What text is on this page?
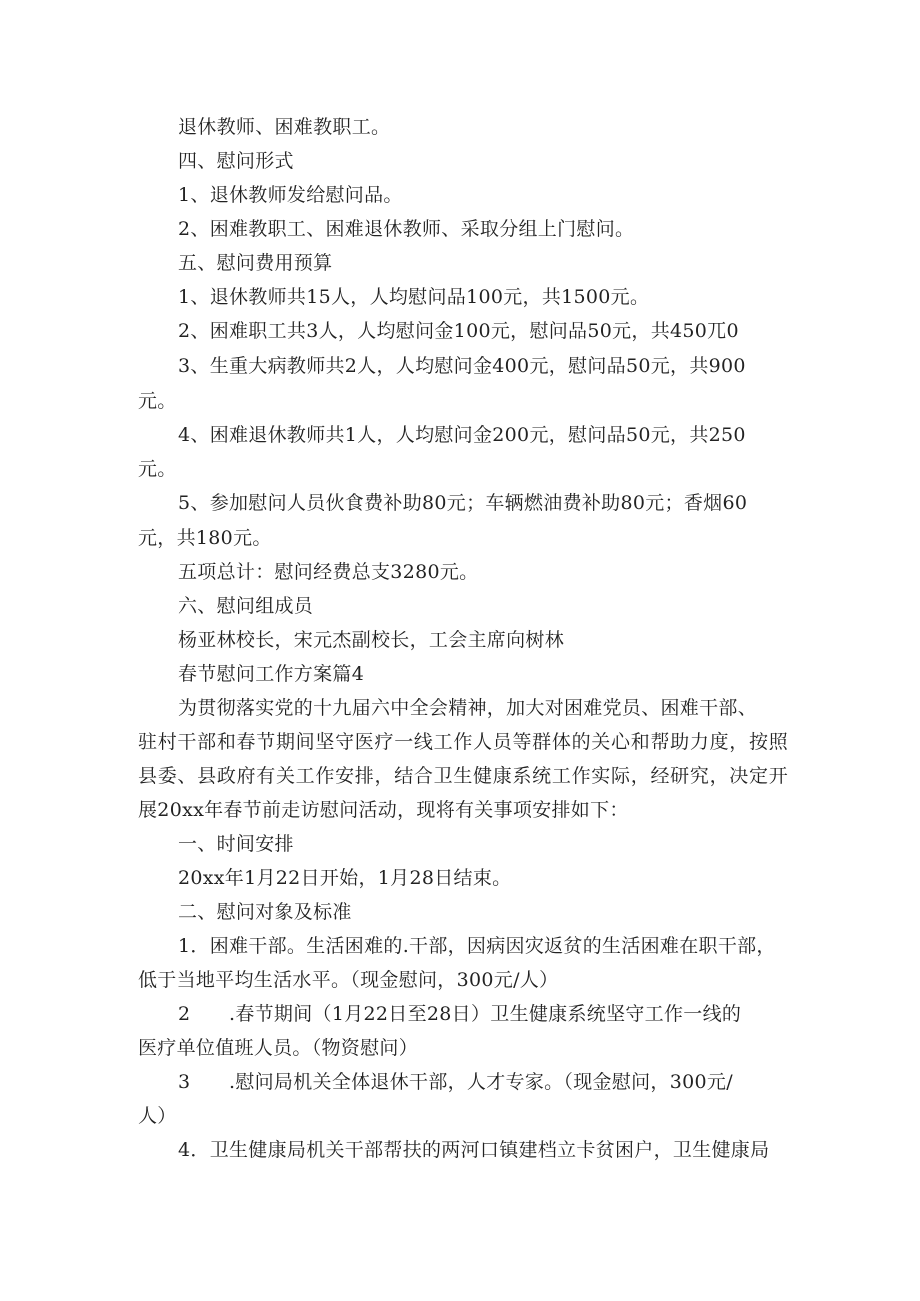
退休教师、困难教职工。
四、慰问形式
1、退休教师发给慰问品。
2、困难教职工、困难退休教师、采取分组上门慰问。
五、慰问费用预算
1、退休教师共15人，人均慰问品100元，共1500元。
2、困难职工共3人，人均慰问金100元，慰问品50元，共450兀0
3、生重大病教师共2人，人均慰问金400元，慰问品50元，共900
元。
4、困难退休教师共1人，人均慰问金200元，慰问品50元，共250
元。
5、参加慰问人员伙食费补助80元；车辆燃油费补助80元；香烟60
元，共180元。
五项总计：慰问经费总支3280元。
六、慰问组成员
杨亚林校长，宋元杰副校长，工会主席向树林
春节慰问工作方案篇4
为贯彻落实党的十九届六中全会精神，加大对困难党员、困难干部、
驻村干部和春节期间坚守医疗一线工作人员等群体的关心和帮助力度，按照
县委、县政府有关工作安排，结合卫生健康系统工作实际，经研究，决定开
展20xx年春节前走访慰问活动，现将有关事项安排如下：
一、时间安排
20xx年1月22日开始，1月28日结束。
二、慰问对象及标准
1．困难干部。生活困难的.干部，因病因灾返贫的生活困难在职干部，
低于当地平均生活水平。（现金慰问，300元/人）
2　　.春节期间（1月22日至28日）卫生健康系统坚守工作一线的
医疗单位值班人员。（物资慰问）
3　　.慰问局机关全体退休干部，人才专家。（现金慰问，300元/
人）
4．卫生健康局机关干部帮扶的两河口镇建档立卡贫困户，卫生健康局
